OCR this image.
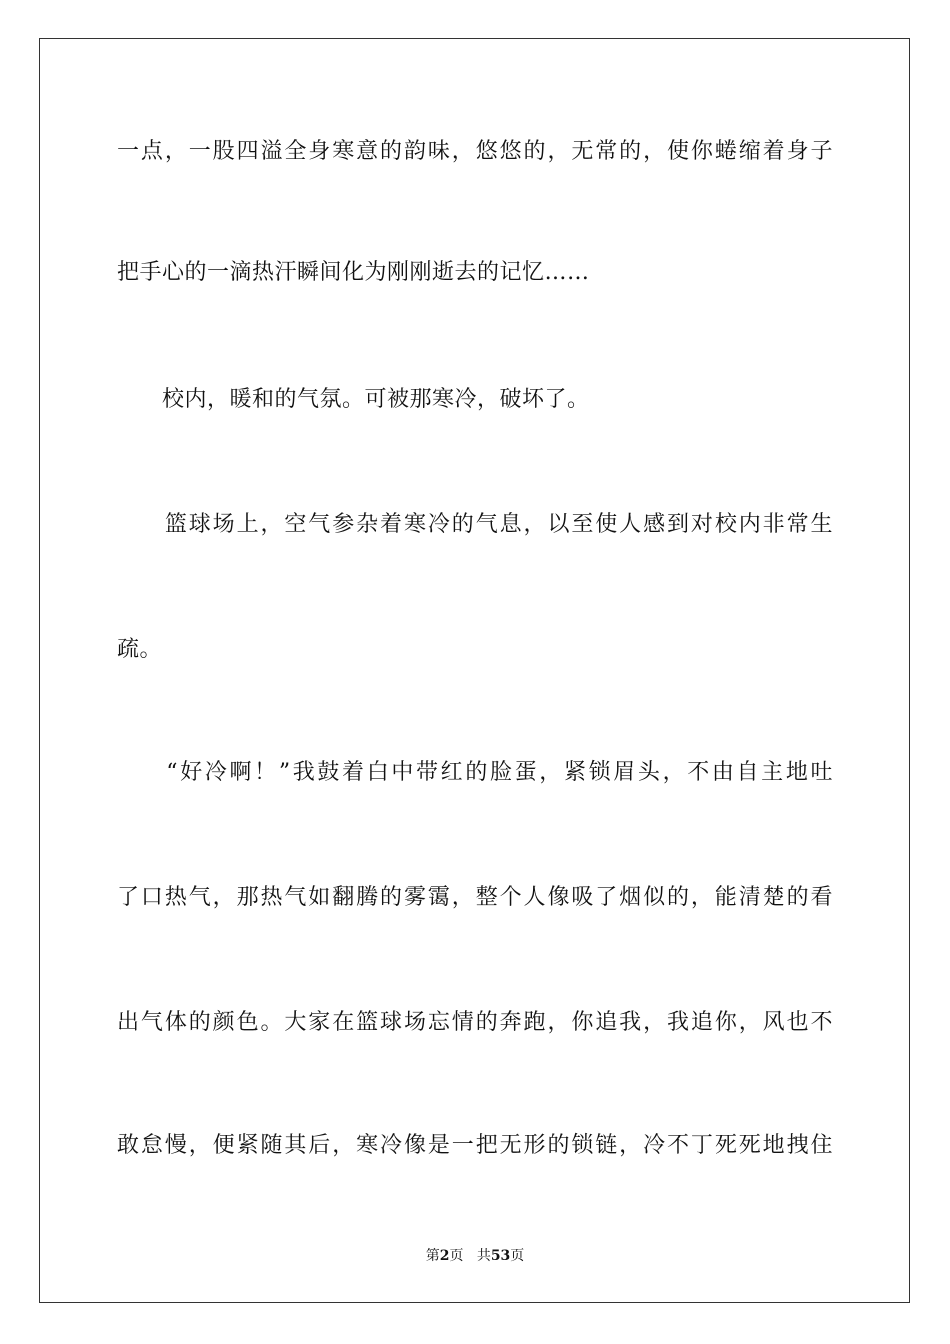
一点，一股四溢全身寒意的韵味，悠悠的，无常的，使你蜷缩着身子
把手心的一滴热汗瞬间化为刚刚逝去的记忆……
　　校内，暖和的气氛。可被那寒冷，破坏了。
　　篮球场上，空气参杂着寒冷的气息，以至使人感到对校内非常生
疏。
　　“好冷啊！”我鼓着白中带红的脸蛋，紧锁眉头，不由自主地吐
了口热气，那热气如翻腾的雾霭，整个人像吸了烟似的，能清楚的看
出气体的颜色。大家在篮球场忘情的奔跑，你追我，我追你，风也不
敢怠慢，便紧随其后，寒冷像是一把无形的锁链，冷不丁死死地拽住
第2页 共53页
